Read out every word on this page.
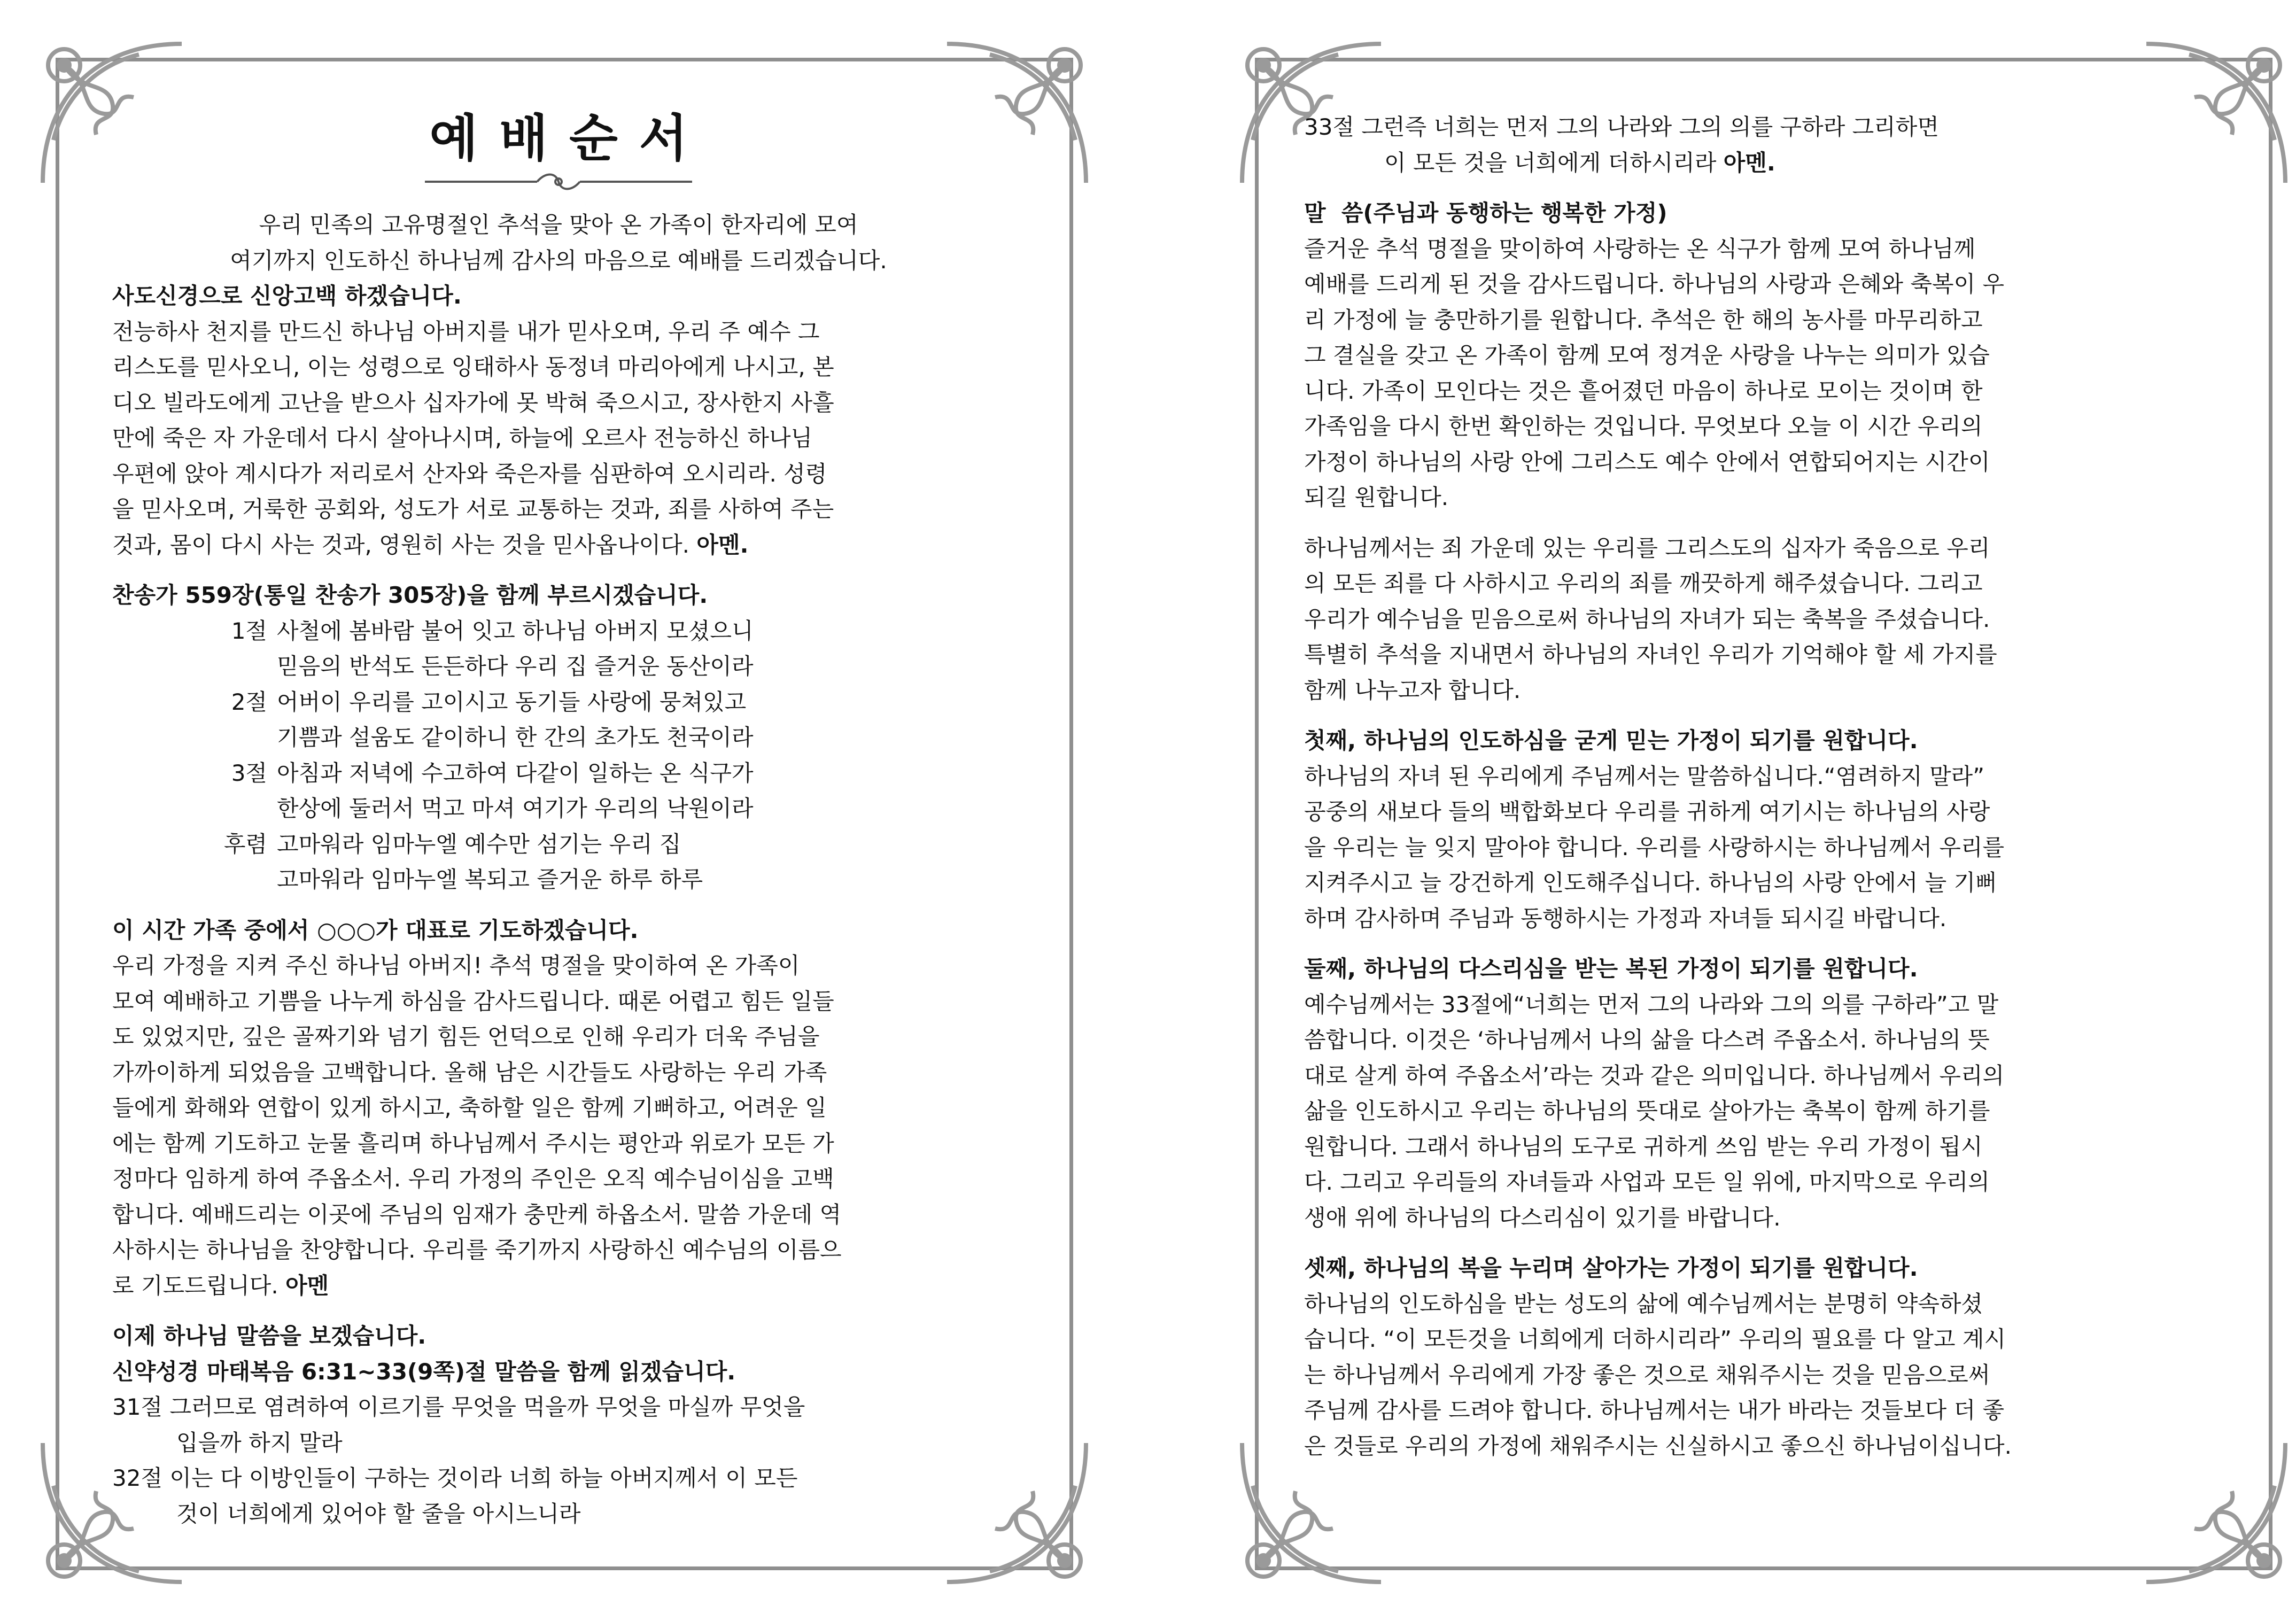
예배순서
우리 민족의 고유명절인 추석을 맞아 온 가족이 한자리에 모여
여기까지 인도하신 하나님께 감사의 마음으로 예배를 드리겠습니다.
사도신경으로 신앙고백 하겠습니다.
전능하사 천지를 만드신 하나님 아버지를 내가 믿사오며, 우리 주 예수 그
리스도를 믿사오니, 이는 성령으로 잉태하사 동정녀 마리아에게 나시고, 본
디오 빌라도에게 고난을 받으사 십자가에 못 박혀 죽으시고, 장사한지 사흘
만에 죽은 자 가운데서 다시 살아나시며, 하늘에 오르사 전능하신 하나님
우편에 앉아 계시다가 저리로서 산자와 죽은자를 심판하여 오시리라. 성령
을 믿사오며, 거룩한 공회와, 성도가 서로 교통하는 것과, 죄를 사하여 주는
것과, 몸이 다시 사는 것과, 영원히 사는 것을 믿사옵나이다. 아멘.
찬송가 559장(통일 찬송가 305장)을 함께 부르시겠습니다.
1절 사철에 봄바람 불어 잇고 하나님 아버지 모셨으니
믿음의 반석도 든든하다 우리 집 즐거운 동산이라
2절 어버이 우리를 고이시고 동기들 사랑에 뭉쳐있고
기쁨과 설움도 같이하니 한 간의 초가도 천국이라
3절 아침과 저녁에 수고하여 다같이 일하는 온 식구가
한상에 둘러서 먹고 마셔 여기가 우리의 낙원이라
후렴 고마워라 임마누엘 예수만 섬기는 우리 집
고마워라 임마누엘 복되고 즐거운 하루 하루
이 시간 가족 중에서 ○○○가 대표로 기도하겠습니다.
우리 가정을 지켜 주신 하나님 아버지! 추석 명절을 맞이하여 온 가족이
모여 예배하고 기쁨을 나누게 하심을 감사드립니다. 때론 어렵고 힘든 일들
도 있었지만, 깊은 골짜기와 넘기 힘든 언덕으로 인해 우리가 더욱 주님을
가까이하게 되었음을 고백합니다. 올해 남은 시간들도 사랑하는 우리 가족
들에게 화해와 연합이 있게 하시고, 축하할 일은 함께 기뻐하고, 어려운 일
에는 함께 기도하고 눈물 흘리며 하나님께서 주시는 평안과 위로가 모든 가
정마다 임하게 하여 주옵소서. 우리 가정의 주인은 오직 예수님이심을 고백
합니다. 예배드리는 이곳에 주님의 임재가 충만케 하옵소서. 말씀 가운데 역
사하시는 하나님을 찬양합니다. 우리를 죽기까지 사랑하신 예수님의 이름으
로 기도드립니다. 아멘
이제 하나님 말씀을 보겠습니다.
신약성경 마태복음 6:31~33(9쪽)절 말씀을 함께 읽겠습니다.
31절 그러므로 염려하여 이르기를 무엇을 먹을까 무엇을 마실까 무엇을
입을까 하지 말라
32절 이는 다 이방인들이 구하는 것이라 너희 하늘 아버지께서 이 모든
것이 너희에게 있어야 할 줄을 아시느니라
33절 그런즉 너희는 먼저 그의 나라와 그의 의를 구하라 그리하면
이 모든 것을 너희에게 더하시리라 아멘.
말  씀(주님과 동행하는 행복한 가정)
즐거운 추석 명절을 맞이하여 사랑하는 온 식구가 함께 모여 하나님께
예배를 드리게 된 것을 감사드립니다. 하나님의 사랑과 은혜와 축복이 우
리 가정에 늘 충만하기를 원합니다. 추석은 한 해의 농사를 마무리하고
그 결실을 갖고 온 가족이 함께 모여 정겨운 사랑을 나누는 의미가 있습
니다. 가족이 모인다는 것은 흩어졌던 마음이 하나로 모이는 것이며 한
가족임을 다시 한번 확인하는 것입니다. 무엇보다 오늘 이 시간 우리의
가정이 하나님의 사랑 안에 그리스도 예수 안에서 연합되어지는 시간이
되길 원합니다.
하나님께서는 죄 가운데 있는 우리를 그리스도의 십자가 죽음으로 우리
의 모든 죄를 다 사하시고 우리의 죄를 깨끗하게 해주셨습니다. 그리고
우리가 예수님을 믿음으로써 하나님의 자녀가 되는 축복을 주셨습니다.
특별히 추석을 지내면서 하나님의 자녀인 우리가 기억해야 할 세 가지를
함께 나누고자 합니다.
첫째, 하나님의 인도하심을 굳게 믿는 가정이 되기를 원합니다.
하나님의 자녀 된 우리에게 주님께서는 말씀하십니다.“염려하지 말라”
공중의 새보다 들의 백합화보다 우리를 귀하게 여기시는 하나님의 사랑
을 우리는 늘 잊지 말아야 합니다. 우리를 사랑하시는 하나님께서 우리를
지켜주시고 늘 강건하게 인도해주십니다. 하나님의 사랑 안에서 늘 기뻐
하며 감사하며 주님과 동행하시는 가정과 자녀들 되시길 바랍니다.
둘째, 하나님의 다스리심을 받는 복된 가정이 되기를 원합니다.
예수님께서는 33절에“너희는 먼저 그의 나라와 그의 의를 구하라”고 말
씀합니다. 이것은 ‘하나님께서 나의 삶을 다스려 주옵소서. 하나님의 뜻
대로 살게 하여 주옵소서’라는 것과 같은 의미입니다. 하나님께서 우리의
삶을 인도하시고 우리는 하나님의 뜻대로 살아가는 축복이 함께 하기를
원합니다. 그래서 하나님의 도구로 귀하게 쓰임 받는 우리 가정이 됩시
다. 그리고 우리들의 자녀들과 사업과 모든 일 위에, 마지막으로 우리의
생애 위에 하나님의 다스리심이 있기를 바랍니다.
셋째, 하나님의 복을 누리며 살아가는 가정이 되기를 원합니다.
하나님의 인도하심을 받는 성도의 삶에 예수님께서는 분명히 약속하셨
습니다. “이 모든것을 너희에게 더하시리라” 우리의 필요를 다 알고 계시
는 하나님께서 우리에게 가장 좋은 것으로 채워주시는 것을 믿음으로써
주님께 감사를 드려야 합니다. 하나님께서는 내가 바라는 것들보다 더 좋
은 것들로 우리의 가정에 채워주시는 신실하시고 좋으신 하나님이십니다.
